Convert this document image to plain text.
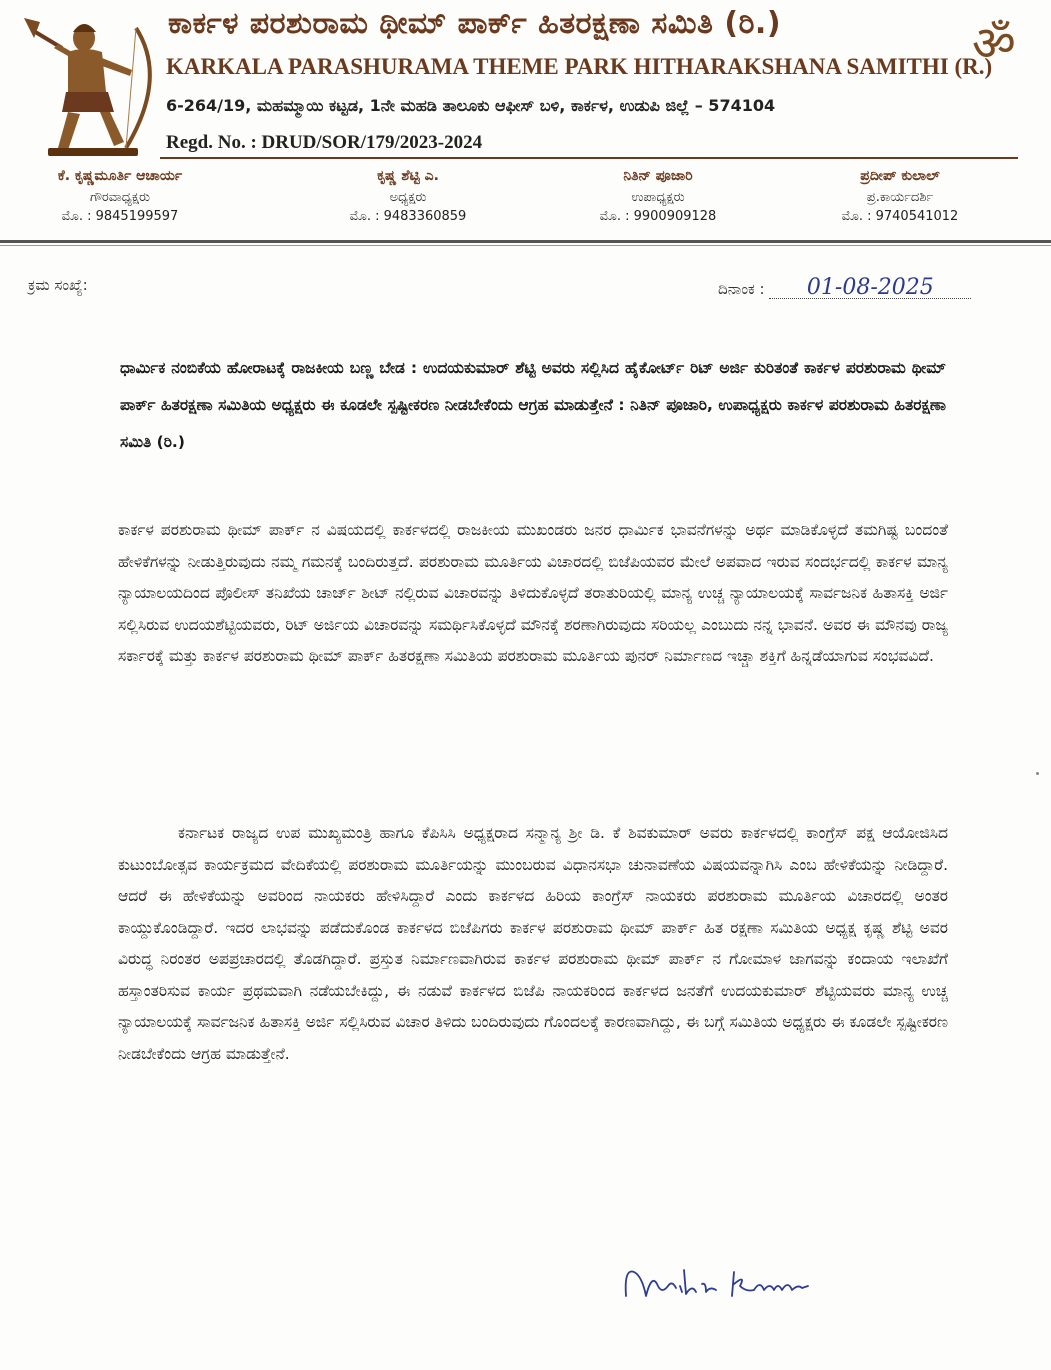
ಕಾರ್ಕಳ ಪರಶುರಾಮ ಥೀಮ್ ಪಾರ್ಕ್ ಹಿತರಕ್ಷಣಾ ಸಮಿತಿ (ರಿ.)	ॐ
KARKALA PARASHURAMA THEME PARK HITHARAKSHANA SAMITHI (R.)
6-264/19, ಮಹಮ್ಮಾಯಿ ಕಟ್ಟಡ, 1ನೇ ಮಹಡಿ ತಾಲೂಕು ಆಫೀಸ್ ಬಳಿ, ಕಾರ್ಕಳ, ಉಡುಪಿ ಜಿಲ್ಲೆ – 574104
Regd. No. : DRUD/SOR/179/2023-2024
ಕೆ. ಕೃಷ್ಣಮೂರ್ತಿ ಆಚಾರ್ಯ
ಗೌರವಾಧ್ಯಕ್ಷರು
ಮೊ. : 9845199597
ಕೃಷ್ಣ ಶೆಟ್ಟಿ ಎ.
ಅಧ್ಯಕ್ಷರು
ಮೊ. : 9483360859
ನಿತಿನ್ ಪೂಜಾರಿ
ಉಪಾಧ್ಯಕ್ಷರು
ಮೊ. : 9900909128
ಪ್ರದೀಪ್ ಕುಲಾಲ್
ಪ್ರ.ಕಾರ್ಯದರ್ಶಿ
ಮೊ. : 9740541012
ಕ್ರಮ ಸಂಖ್ಯೆ:	ದಿನಾಂಕ : 01-08-2025
ಧಾರ್ಮಿಕ ನಂಬಿಕೆಯ ಹೋರಾಟಕ್ಕೆ ರಾಜಕೀಯ ಬಣ್ಣ ಬೇಡ : ಉದಯಕುಮಾರ್ ಶೆಟ್ಟಿ ಅವರು ಸಲ್ಲಿಸಿದ ಹೈಕೋರ್ಟ್ ರಿಟ್ ಅರ್ಜಿ ಕುರಿತಂತೆ ಕಾರ್ಕಳ ಪರಶುರಾಮ ಥೀಮ್ ಪಾರ್ಕ್ ಹಿತರಕ್ಷಣಾ ಸಮಿತಿಯ ಅಧ್ಯಕ್ಷರು ಈ ಕೂಡಲೇ ಸ್ಪಷ್ಟೀಕರಣ ನೀಡಬೇಕೆಂದು ಆಗ್ರಹ ಮಾಡುತ್ತೇನೆ : ನಿತಿನ್ ಪೂಜಾರಿ, ಉಪಾಧ್ಯಕ್ಷರು ಕಾರ್ಕಳ ಪರಶುರಾಮ ಹಿತರಕ್ಷಣಾ ಸಮಿತಿ (ರಿ.)
ಕಾರ್ಕಳ ಪರಶುರಾಮ ಥೀಮ್ ಪಾರ್ಕ್ ನ ವಿಷಯದಲ್ಲಿ ಕಾರ್ಕಳದಲ್ಲಿ ರಾಜಕೀಯ ಮುಖಂಡರು ಜನರ ಧಾರ್ಮಿಕ ಭಾವನೆಗಳನ್ನು ಅರ್ಥ ಮಾಡಿಕೊಳ್ಳದೆ ತಮಗಿಷ್ಟ ಬಂದಂತೆ ಹೇಳಿಕೆಗಳನ್ನು ನೀಡುತ್ತಿರುವುದು ನಮ್ಮ ಗಮನಕ್ಕೆ ಬಂದಿರುತ್ತದೆ. ಪರಶುರಾಮ ಮೂರ್ತಿಯ ವಿಚಾರದಲ್ಲಿ ಬಿಜೆಪಿಯವರ ಮೇಲೆ ಅಪವಾದ ಇರುವ ಸಂದರ್ಭದಲ್ಲಿ ಕಾರ್ಕಳ ಮಾನ್ಯ ನ್ಯಾಯಾಲಯದಿಂದ ಪೊಲೀಸ್ ತನಿಖೆಯ ಚಾರ್ಜ್ ಶೀಟ್ ನಲ್ಲಿರುವ ವಿಚಾರವನ್ನು ತಿಳಿದುಕೊಳ್ಳದೆ ತರಾತುರಿಯಲ್ಲಿ ಮಾನ್ಯ ಉಚ್ಚ ನ್ಯಾಯಾಲಯಕ್ಕೆ ಸಾರ್ವಜನಿಕ ಹಿತಾಸಕ್ತಿ ಅರ್ಜಿ ಸಲ್ಲಿಸಿರುವ ಉದಯಶೆಟ್ಟಿಯವರು, ರಿಟ್ ಅರ್ಜಿಯ ವಿಚಾರವನ್ನು ಸಮರ್ಥಿಸಿಕೊಳ್ಳದೆ ಮೌನಕ್ಕೆ ಶರಣಾಗಿರುವುದು ಸರಿಯಲ್ಲ ಎಂಬುದು ನನ್ನ ಭಾವನೆ. ಅವರ ಈ ಮೌನವು ರಾಜ್ಯ ಸರ್ಕಾರಕ್ಕೆ ಮತ್ತು ಕಾರ್ಕಳ ಪರಶುರಾಮ ಥೀಮ್ ಪಾರ್ಕ್ ಹಿತರಕ್ಷಣಾ ಸಮಿತಿಯ ಪರಶುರಾಮ ಮೂರ್ತಿಯ ಪುನರ್ ನಿರ್ಮಾಣದ ಇಚ್ಚಾ ಶಕ್ತಿಗೆ ಹಿನ್ನಡೆಯಾಗುವ ಸಂಭವವಿದೆ.
ಕರ್ನಾಟಕ ರಾಜ್ಯದ ಉಪ ಮುಖ್ಯಮಂತ್ರಿ ಹಾಗೂ ಕೆಪಿಸಿಸಿ ಅಧ್ಯಕ್ಷರಾದ ಸನ್ಮಾನ್ಯ ಶ್ರೀ ಡಿ. ಕೆ ಶಿವಕುಮಾರ್ ಅವರು ಕಾರ್ಕಳದಲ್ಲಿ ಕಾಂಗ್ರೆಸ್ ಪಕ್ಷ ಆಯೋಜಿಸಿದ ಕುಟುಂಬೋತ್ಸವ ಕಾರ್ಯಕ್ರಮದ ವೇದಿಕೆಯಲ್ಲಿ ಪರಶುರಾಮ ಮೂರ್ತಿಯನ್ನು ಮುಂಬರುವ ವಿಧಾನಸಭಾ ಚುನಾವಣೆಯ ವಿಷಯವನ್ನಾಗಿಸಿ ಎಂಬ ಹೇಳಿಕೆಯನ್ನು ನೀಡಿದ್ದಾರೆ. ಆದರೆ ಈ ಹೇಳಿಕೆಯನ್ನು ಅವರಿಂದ ನಾಯಕರು ಹೇಳಿಸಿದ್ದಾರೆ ಎಂದು ಕಾರ್ಕಳದ ಹಿರಿಯ ಕಾಂಗ್ರೆಸ್ ನಾಯಕರು ಪರಶುರಾಮ ಮೂರ್ತಿಯ ವಿಚಾರದಲ್ಲಿ ಅಂತರ ಕಾಯ್ದುಕೊಂಡಿದ್ದಾರೆ. ಇದರ ಲಾಭವನ್ನು ಪಡೆದುಕೊಂಡ ಕಾರ್ಕಳದ ಬಿಜೆಪಿಗರು ಕಾರ್ಕಳ ಪರಶುರಾಮ ಥೀಮ್ ಪಾರ್ಕ್ ಹಿತ ರಕ್ಷಣಾ ಸಮಿತಿಯ ಅಧ್ಯಕ್ಷ ಕೃಷ್ಣ ಶೆಟ್ಟಿ ಅವರ ವಿರುದ್ಧ ನಿರಂತರ ಅಪಪ್ರಚಾರದಲ್ಲಿ ತೊಡಗಿದ್ದಾರೆ. ಪ್ರಸ್ತುತ ನಿರ್ಮಾಣವಾಗಿರುವ ಕಾರ್ಕಳ ಪರಶುರಾಮ ಥೀಮ್ ಪಾರ್ಕ್ ನ ಗೋಮಾಳ ಜಾಗವನ್ನು ಕಂದಾಯ ಇಲಾಖೆಗೆ ಹಸ್ತಾಂತರಿಸುವ ಕಾರ್ಯ ಪ್ರಥಮವಾಗಿ ನಡೆಯಬೇಕಿದ್ದು, ಈ ನಡುವೆ ಕಾರ್ಕಳದ ಬಿಜೆಪಿ ನಾಯಕರಿಂದ ಕಾರ್ಕಳದ ಜನತೆಗೆ ಉದಯಕುಮಾರ್ ಶೆಟ್ಟಿಯವರು ಮಾನ್ಯ ಉಚ್ಚ ನ್ಯಾಯಾಲಯಕ್ಕೆ ಸಾರ್ವಜನಿಕ ಹಿತಾಸಕ್ತಿ ಅರ್ಜಿ ಸಲ್ಲಿಸಿರುವ ವಿಚಾರ ತಿಳಿದು ಬಂದಿರುವುದು ಗೊಂದಲಕ್ಕೆ ಕಾರಣವಾಗಿದ್ದು, ಈ ಬಗ್ಗೆ ಸಮಿತಿಯ ಅಧ್ಯಕ್ಷರು ಈ ಕೂಡಲೇ ಸ್ಪಷ್ಟೀಕರಣ ನೀಡಬೇಕೆಂದು ಆಗ್ರಹ ಮಾಡುತ್ತೇನೆ.
